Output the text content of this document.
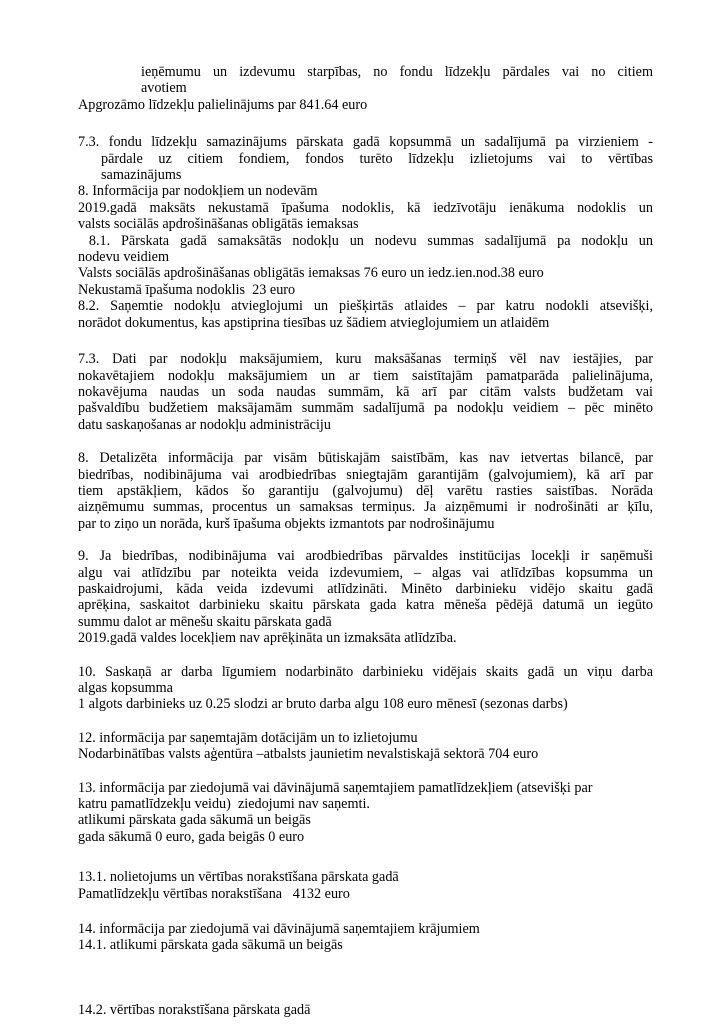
ieņēmumu un izdevumu starpības, no fondu līdzekļu pārdales vai no citiem
avotiem

Apgrozāmo līdzekļu palielinājums par 841.64 euro

7.3. fondu līdzekļu samazinājums pārskata gadā kopsummā un sadalījumā pa virzieniem -
pārdale uz citiem fondiem, fondos turēto līdzekļu izlietojums vai to vērtības
samazinājums

8. Informācija par nodokļiem un nodevām
2019.gadā maksāts nekustamā īpašuma nodoklis, kā iedzīvotāju ienākuma nodoklis un
valsts sociālās apdrošināšanas obligātās iemaksas
8.1. Pārskata gadā samaksātās nodokļu un nodevu summas sadalījumā pa nodokļu un
nodevu veidiem
Valsts sociālās apdrošināšanas obligātās iemaksas 76 euro un iedz.ien.nod.38 euro
Nekustamā īpašuma nodoklis  23 euro
8.2. Saņemtie nodokļu atvieglojumi un piešķirtās atlaides – par katru nodokli atsevišķi,
norādot dokumentus, kas apstiprina tiesības uz šādiem atvieglojumiem un atlaidēm

7.3. Dati par nodokļu maksājumiem, kuru maksāšanas termiņš vēl nav iestājies, par
nokavētajiem nodokļu maksājumiem un ar tiem saistītajām pamatparāda palielinājuma,
nokavējuma naudas un soda naudas summām, kā arī par citām valsts budžetam vai
pašvaldību budžetiem maksājamām summām sadalījumā pa nodokļu veidiem – pēc minēto
datu saskaņošanas ar nodokļu administrāciju

8. Detalizēta informācija par visām būtiskajām saistībām, kas nav ietvertas bilancē, par
biedrības, nodibinājuma vai arodbiedrības sniegtajām garantijām (galvojumiem), kā arī par
tiem apstākļiem, kādos šo garantiju (galvojumu) dēļ varētu rasties saistības. Norāda
aizņēmumu summas, procentus un samaksas termiņus. Ja aizņēmumi ir nodrošināti ar ķīlu,
par to ziņo un norāda, kurš īpašuma objekts izmantots par nodrošinājumu

9. Ja biedrības, nodibinājuma vai arodbiedrības pārvaldes institūcijas locekļi ir saņēmuši
algu vai atlīdzību par noteikta veida izdevumiem, – algas vai atlīdzības kopsumma un
paskaidrojumi, kāda veida izdevumi atlīdzināti. Minēto darbinieku vidējo skaitu gadā
aprēķina, saskaitot darbinieku skaitu pārskata gada katra mēneša pēdējā datumā un iegūto
summu dalot ar mēnešu skaitu pārskata gadā
2019.gadā valdes locekļiem nav aprēķināta un izmaksāta atlīdzība.

10. Saskaņā ar darba līgumiem nodarbināto darbinieku vidējais skaits gadā un viņu darba
algas kopsumma
1 algots darbinieks uz 0.25 slodzi ar bruto darba algu 108 euro mēnesī (sezonas darbs)

12. informācija par saņemtajām dotācijām un to izlietojumu
Nodarbinātības valsts aģentūra –atbalsts jaunietim nevalstiskajā sektorā 704 euro

13. informācija par ziedojumā vai dāvinājumā saņemtajiem pamatlīdzekļiem (atsevišķi par
katru pamatlīdzekļu veidu)  ziedojumi nav saņemti.
atlikumi pārskata gada sākumā un beigās
gada sākumā 0 euro, gada beigās 0 euro

13.1. nolietojums un vērtības norakstīšana pārskata gadā
Pamatlīdzekļu vērtības norakstīšana   4132 euro

14. informācija par ziedojumā vai dāvinājumā saņemtajiem krājumiem
14.1. atlikumi pārskata gada sākumā un beigās

14.2. vērtības norakstīšana pārskata gadā
